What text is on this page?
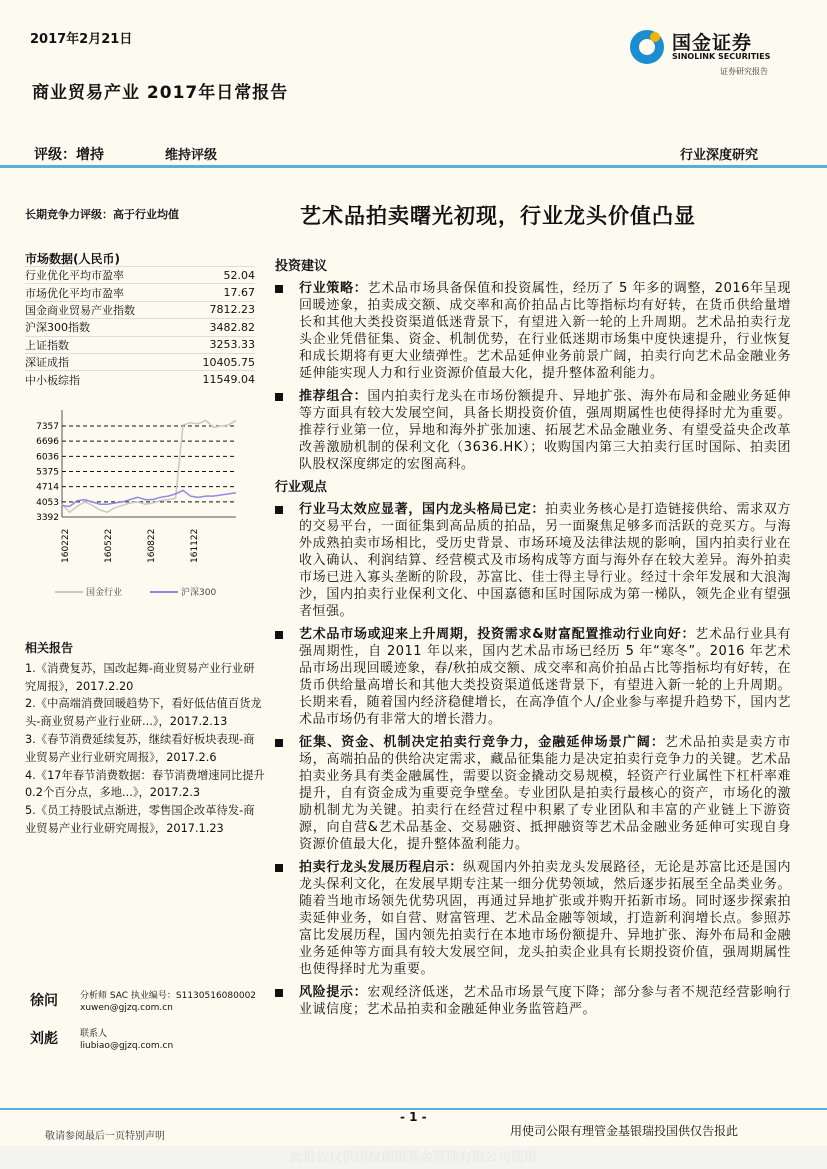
2017年2月21日	国金证券
SINOLINK SECURITIES
证券研究报告
商业贸易产业 2017年日常报告
评级：增持	维持评级	行业深度研究
长期竞争力评级：高于行业均值	艺术品拍卖曙光初现，行业龙头价值凸显
市场数据(人民币)
行业优化平均市盈率	52.04
市场优化平均市盈率	17.67
国金商业贸易产业指数	7812.23
沪深300指数	3482.82
上证指数	3253.33
深证成指	10405.75
中小板综指	11549.04
7357
6696
6036
5375
4714
4053
3392
160222	160522	160822	161122
国金行业	沪深300
相关报告

1.《消费复苏，国改起舞-商业贸易产业行业研究周报》，2017.2.20

2.《中高端消费回暖趋势下，看好低估值百货龙头-商业贸易产业行业研...》，2017.2.13

3.《春节消费延续复苏，继续看好板块表现-商业贸易产业行业研究周报》，2017.2.6

4.《17年春节消费数据：春节消费增速同比提升0.2个百分点，多地...》，2017.2.3

5.《员工持股试点渐进，零售国企改革待发-商业贸易产业行业研究周报》，2017.1.23

徐问	分析师 SAC 执业编号：S1130516080002
xuwen@gjzq.com.cn
刘彪	联系人
liubiao@gjzq.com.cn
投资建议

行业策略：艺术品市场具备保值和投资属性，经历了 5 年多的调整，2016年呈现回暖迹象，拍卖成交额、成交率和高价拍品占比等指标均有好转，在货币供给量增长和其他大类投资渠道低迷背景下，有望进入新一轮的上升周期。艺术品拍卖行龙头企业凭借征集、资金、机制优势，在行业低迷期市场集中度快速提升，行业恢复和成长期将有更大业绩弹性。艺术品延伸业务前景广阔，拍卖行向艺术品金融业务延伸能实现人力和行业资源价值最大化，提升整体盈利能力。

推荐组合：国内拍卖行龙头在市场份额提升、异地扩张、海外布局和金融业务延伸等方面具有较大发展空间，具备长期投资价值，强周期属性也使得择时尤为重要。推荐行业第一位，异地和海外扩张加速、拓展艺术品金融业务、有望受益央企改革改善激励机制的保利文化（3636.HK）；收购国内第三大拍卖行匡时国际、拍卖团队股权深度绑定的宏图高科。

行业观点

行业马太效应显著，国内龙头格局已定：拍卖业务核心是打造链接供给、需求双方的交易平台，一面征集到高品质的拍品，另一面聚焦足够多而活跃的竞买方。与海外成熟拍卖市场相比，受历史背景、市场环境及法律法规的影响，国内拍卖行业在收入确认、利润结算、经营模式及市场构成等方面与海外存在较大差异。海外拍卖市场已进入寡头垄断的阶段，苏富比、佳士得主导行业。经过十余年发展和大浪淘沙，国内拍卖行业保利文化、中国嘉德和匡时国际成为第一梯队，领先企业有望强者恒强。

艺术品市场或迎来上升周期，投资需求&财富配置推动行业向好：艺术品行业具有强周期性，自 2011 年以来，国内艺术品市场已经历 5 年“寒冬”。2016 年艺术品市场出现回暖迹象，春/秋拍成交额、成交率和高价拍品占比等指标均有好转，在货币供给量高增长和其他大类投资渠道低迷背景下，有望进入新一轮的上升周期。长期来看，随着国内经济稳健增长，在高净值个人/企业参与率提升趋势下，国内艺术品市场仍有非常大的增长潜力。

征集、资金、机制决定拍卖行竞争力，金融延伸场景广阔：艺术品拍卖是卖方市场，高端拍品的供给决定需求，藏品征集能力是决定拍卖行竞争力的关键。艺术品拍卖业务具有类金融属性，需要以资金撬动交易规模，轻资产行业属性下杠杆率难提升，自有资金成为重要竞争壁垒。专业团队是拍卖行最核心的资产，市场化的激励机制尤为关键。拍卖行在经营过程中积累了专业团队和丰富的产业链上下游资源，向自营&艺术品基金、交易融资、抵押融资等艺术品金融业务延伸可实现自身资源价值最大化，提升整体盈利能力。

拍卖行龙头发展历程启示：纵观国内外拍卖龙头发展路径，无论是苏富比还是国内龙头保利文化，在发展早期专注某一细分优势领域，然后逐步拓展至全品类业务。随着当地市场领先优势巩固，再通过异地扩张或并购开拓新市场。同时逐步探索拍卖延伸业务，如自营、财富管理、艺术品金融等领域，打造新利润增长点。参照苏富比发展历程，国内领先拍卖行在本地市场份额提升、异地扩张、海外布局和金融业务延伸等方面具有较大发展空间，龙头拍卖企业具有长期投资价值，强周期属性也使得择时尤为重要。

风险提示：宏观经济低迷，艺术品市场景气度下降；部分参与者不规范经营影响行业诚信度；艺术品拍卖和金融延伸业务监管趋严。

- 1 -
敬请参阅最后一页特别声明	用使司公限有理管金基银瑞投国供仅告报此
此报告仅供国投瑞银基金管理有限公司使用
